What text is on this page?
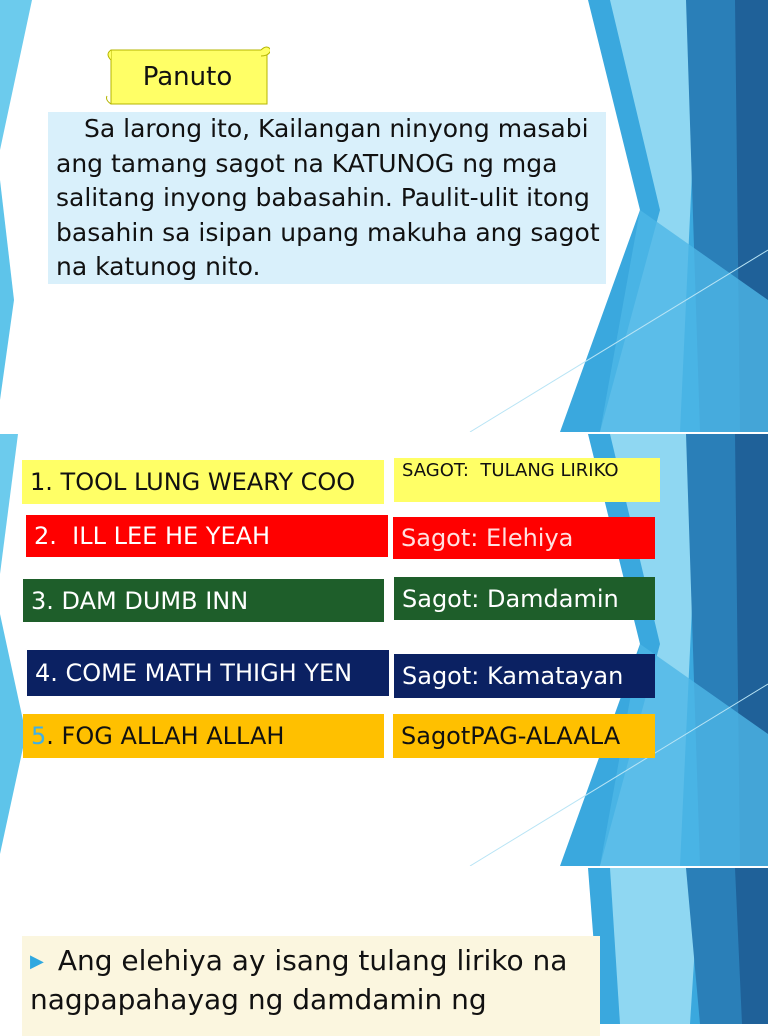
Panuto

Sa larong ito, Kailangan ninyong masabi ang tamang sagot na KATUNOG ng mga salitang inyong babasahin. Paulit-ulit itong basahin sa isipan upang makuha ang sagot na katunog nito.

1. TOOL LUNG WEARY COO	SAGOT:  TULANG LIRIKO
2. ILL LEE HE YEAH	Sagot: Elehiya
3. DAM DUMB INN	Sagot: Damdamin
4. COME MATH THIGH YEN Sagot: Kamatayan
5 . FOG ALLAH ALLAH	SagotPAG-ALAALA
▶ Ang elehiya ay isang tulang liriko na nagpapahayag ng damdamin ng
